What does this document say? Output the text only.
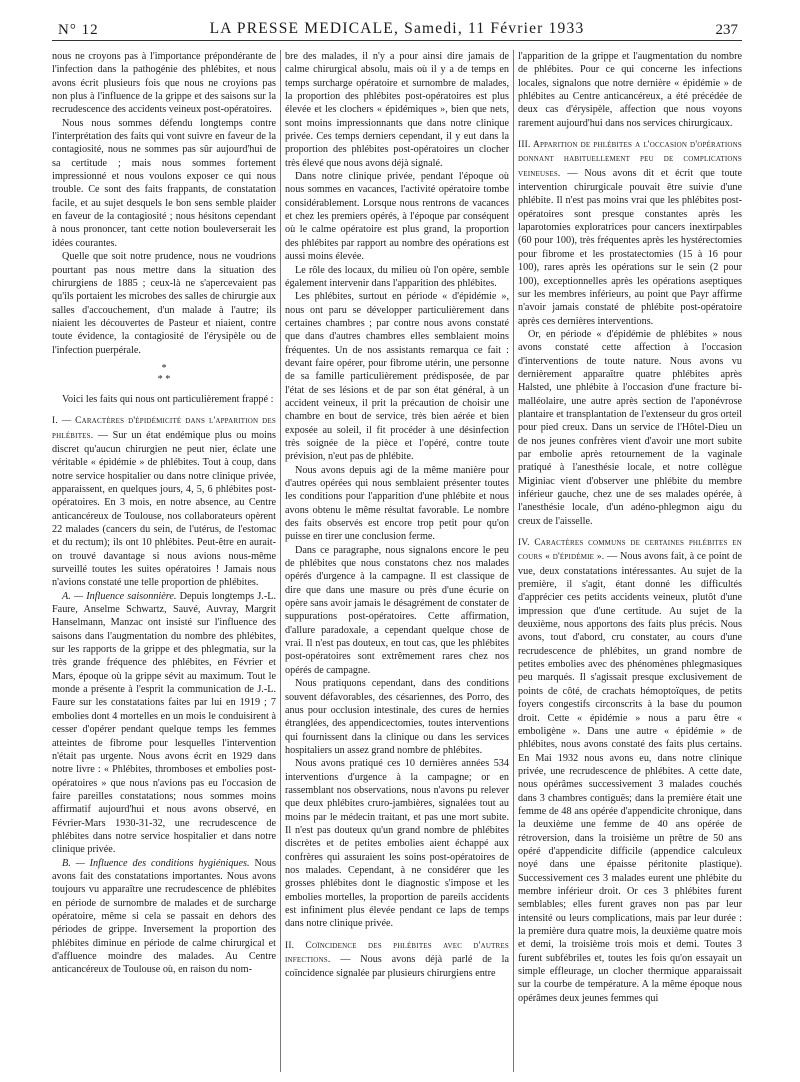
N° 12	LA PRESSE MEDICALE, Samedi, 11 Février 1933	237

nous ne croyons pas à l'importance prépondérante de l'infection dans la pathogénie des phlébites, et nous avons écrit plusieurs fois que nous ne croyions pas non plus à l'influence de la grippe et des saisons sur la recrudescence des accidents veineux post-opératoires.

Nous nous sommes défendu longtemps contre l'interprétation des faits qui vont suivre en faveur de la contagiosité, nous ne sommes pas sûr aujourd'hui de sa certitude ; mais nous sommes fortement impressionné et nous voulons exposer ce qui nous trouble. Ce sont des faits frappants, de constatation facile, et au sujet desquels le bon sens semble plaider en faveur de la contagiosité ; nous hésitons cependant à nous prononcer, tant cette notion bouleverserait les idées courantes.

Quelle que soit notre prudence, nous ne voudrions pourtant pas nous mettre dans la situation des chirurgiens de 1885 ; ceux-là ne s'apercevaient pas qu'ils portaient les microbes des salles de chirurgie aux salles d'accouchement, d'un malade à l'autre; ils niaient les découvertes de Pasteur et niaient, contre toute évidence, la contagiosité de l'érysipèle ou de l'infection puerpérale.

*
* *

Voici les faits qui nous ont particulièrement frappé :

I. — Caractères d'épidémicité dans l'apparition des phlébites. — Sur un état endémique plus ou moins discret qu'aucun chirurgien ne peut nier, éclate une véritable « épidémie » de phlébites. Tout à coup, dans notre service hospitalier ou dans notre clinique privée, apparaissent, en quelques jours, 4, 5, 6 phlébites post-opératoires. En 3 mois, en notre absence, au Centre anticancéreux de Toulouse, nos collaborateurs opèrent 22 malades (cancers du sein, de l'utérus, de l'estomac et du rectum); ils ont 10 phlébites. Peut-être en aurait-on trouvé davantage si nous avions nous-même surveillé toutes les suites opératoires ! Jamais nous n'avions constaté une telle proportion de phlébites.

A. — Influence saisonnière. Depuis longtemps J.-L. Faure, Anselme Schwartz, Sauvé, Auvray, Margrit Hanselmann, Manzac ont insisté sur l'influence des saisons dans l'augmentation du nombre des phlébites, sur les rapports de la grippe et des phlegmatia, sur la très grande fréquence des phlébites, en Février et Mars, époque où la grippe sévit au maximum. Tout le monde a présente à l'esprit la communication de J.-L. Faure sur les constatations faites par lui en 1919 ; 7 embolies dont 4 mortelles en un mois le conduisirent à cesser d'opérer pendant quelque temps les femmes atteintes de fibrome pour lesquelles l'intervention n'était pas urgente. Nous avons écrit en 1929 dans notre livre : « Phlébites, thromboses et embolies post-opératoires » que nous n'avions pas eu l'occasion de faire pareilles constatations; nous sommes moins affirmatif aujourd'hui et nous avons observé, en Février-Mars 1930-31-32, une recrudescence de phlébites dans notre service hospitalier et dans notre clinique privée.

B. — Influence des conditions hygiéniques. Nous avons fait des constatations importantes. Nous avons toujours vu apparaître une recrudescence de phlébites en période de surnombre de malades et de surcharge opératoire, même si cela se passait en dehors des périodes de grippe. Inversement la proportion des phlébites diminue en période de calme chirurgical et d'affluence moindre des malades. Au Centre anticancéreux de Toulouse où, en raison du nom-

bre des malades, il n'y a pour ainsi dire jamais de calme chirurgical absolu, mais où il y a de temps en temps surcharge opératoire et surnombre de malades, la proportion des phlébites post-opératoires est plus élevée et les clochers « épidémiques », bien que nets, sont moins impressionnants que dans notre clinique privée. Ces temps derniers cependant, il y eut dans la proportion des phlébites post-opératoires un clocher très élevé que nous avons déjà signalé.

Dans notre clinique privée, pendant l'époque où nous sommes en vacances, l'activité opératoire tombe considérablement. Lorsque nous rentrons de vacances et chez les premiers opérés, à l'époque par conséquent où le calme opératoire est plus grand, la proportion des phlébites par rapport au nombre des opérations est aussi moins élevée.

Le rôle des locaux, du milieu où l'on opère, semble également intervenir dans l'apparition des phlébites.

Les phlébites, surtout en période « d'épidémie », nous ont paru se développer particulièrement dans certaines chambres ; par contre nous avons constaté que dans d'autres chambres elles semblaient moins fréquentes. Un de nos assistants remarqua ce fait : devant faire opérer, pour fibrome utérin, une personne de sa famille particulièrement prédisposée, de par l'état de ses lésions et de par son état général, à un accident veineux, il prit la précaution de choisir une chambre en bout de service, très bien aérée et bien exposée au soleil, il fit procéder à une désinfection très soignée de la pièce et l'opéré, contre toute prévision, n'eut pas de phlébite.

Nous avons depuis agi de la même manière pour d'autres opérées qui nous semblaient présenter toutes les conditions pour l'apparition d'une phlébite et nous avons obtenu le même résultat favorable. Le nombre des faits observés est encore trop petit pour qu'on puisse en tirer une conclusion ferme.

Dans ce paragraphe, nous signalons encore le peu de phlébites que nous constatons chez nos malades opérés d'urgence à la campagne. Il est classique de dire que dans une masure ou près d'une écurie on opère sans avoir jamais le désagrément de constater de suppurations post-opératoires. Cette affirmation, d'allure paradoxale, a cependant quelque chose de vrai. Il n'est pas douteux, en tout cas, que les phlébites post-opératoires sont extrêmement rares chez nos opérés de campagne.

Nous pratiquons cependant, dans des conditions souvent défavorables, des césariennes, des Porro, des anus pour occlusion intestinale, des cures de hernies étranglées, des appendicectomies, toutes interventions qui fournissent dans la clinique ou dans les services hospitaliers un assez grand nombre de phlébites.

Nous avons pratiqué ces 10 dernières années 534 interventions d'urgence à la campagne; or en rassemblant nos observations, nous n'avons pu relever que deux phlébites cruro-jambières, signalées tout au moins par le médecin traitant, et pas une mort subite. Il n'est pas douteux qu'un grand nombre de phlébites discrètes et de petites embolies aient échappé aux confrères qui assuraient les soins post-opératoires de nos malades. Cependant, à ne considérer que les grosses phlébites dont le diagnostic s'impose et les embolies mortelles, la proportion de pareils accidents est infiniment plus élevée pendant ce laps de temps dans notre clinique privée.

II. Coïncidence des phlébites avec d'autres infections. — Nous avons déjà parlé de la coïncidence signalée par plusieurs chirurgiens entre

l'apparition de la grippe et l'augmentation du nombre de phlébites. Pour ce qui concerne les infections locales, signalons que notre dernière « épidémie » de phlébites au Centre anticancéreux, a été précédée de deux cas d'érysipèle, affection que nous voyons rarement aujourd'hui dans nos services chirurgicaux.

III. Apparition de phlébites a l'occasion d'opérations donnant habituellement peu de complications veineuses. — Nous avons dit et écrit que toute intervention chirurgicale pouvait être suivie d'une phlébite. Il n'est pas moins vrai que les phlébites post-opératoires sont presque constantes après les laparotomies exploratrices pour cancers inextirpables (60 pour 100), très fréquentes après les hystérectomies pour fibrome et les prostatectomies (15 à 16 pour 100), rares après les opérations sur le sein (2 pour 100), exceptionnelles après les opérations aseptiques sur les membres inférieurs, au point que Payr affirme n'avoir jamais constaté de phlébite post-opératoire après ces dernières interventions.

Or, en période « d'épidémie de phlébites » nous avons constaté cette affection à l'occasion d'interventions de toute nature. Nous avons vu dernièrement apparaître quatre phlébites après Halsted, une phlébite à l'occasion d'une fracture bi-malléolaire, une autre après section de l'aponévrose plantaire et transplantation de l'extenseur du gros orteil pour pied creux. Dans un service de l'Hôtel-Dieu un de nos jeunes confrères vient d'avoir une mort subite par embolie après retournement de la vaginale pratiqué à l'anesthésie locale, et notre collègue Miginiac vient d'observer une phlébite du membre inférieur gauche, chez une de ses malades opérée, à l'anesthésie locale, d'un adéno-phlegmon aigu du creux de l'aisselle.

IV. Caractères communs de certaines phlébites en cours « d'épidémie ». — Nous avons fait, à ce point de vue, deux constatations intéressantes. Au sujet de la première, il s'agit, étant donné les difficultés d'apprécier ces petits accidents veineux, plutôt d'une impression que d'une certitude. Au sujet de la deuxième, nous apportons des faits plus précis. Nous avons, tout d'abord, cru constater, au cours d'une recrudescence de phlébites, un grand nombre de petites embolies avec des phénomènes phlegmasiques peu marqués. Il s'agissait presque exclusivement de points de côté, de crachats hémoptoïques, de petits foyers congestifs circonscrits à la base du poumon droit. Cette « épidémie » nous a paru être « emboligène ». Dans une autre « épidémie » de phlébites, nous avons constaté des faits plus certains. En Mai 1932 nous avons eu, dans notre clinique privée, une recrudescence de phlébites. A cette date, nous opérâmes successivement 3 malades couchés dans 3 chambres contiguës; dans la première était une femme de 48 ans opérée d'appendicite chronique, dans la deuxième une femme de 40 ans opérée de rétroversion, dans la troisième un prêtre de 50 ans opéré d'appendicite difficile (appendice calculeux noyé dans une épaisse péritonite plastique). Successivement ces 3 malades eurent une phlébite du membre inférieur droit. Or ces 3 phlébites furent semblables; elles furent graves non pas par leur intensité ou leurs complications, mais par leur durée : la première dura quatre mois, la deuxième quatre mois et demi, la troisième trois mois et demi. Toutes 3 furent subfébriles et, toutes les fois qu'on essayait un simple effleurage, un clocher thermique apparaissait sur la courbe de température. A la même époque nous opérâmes deux jeunes femmes qui
